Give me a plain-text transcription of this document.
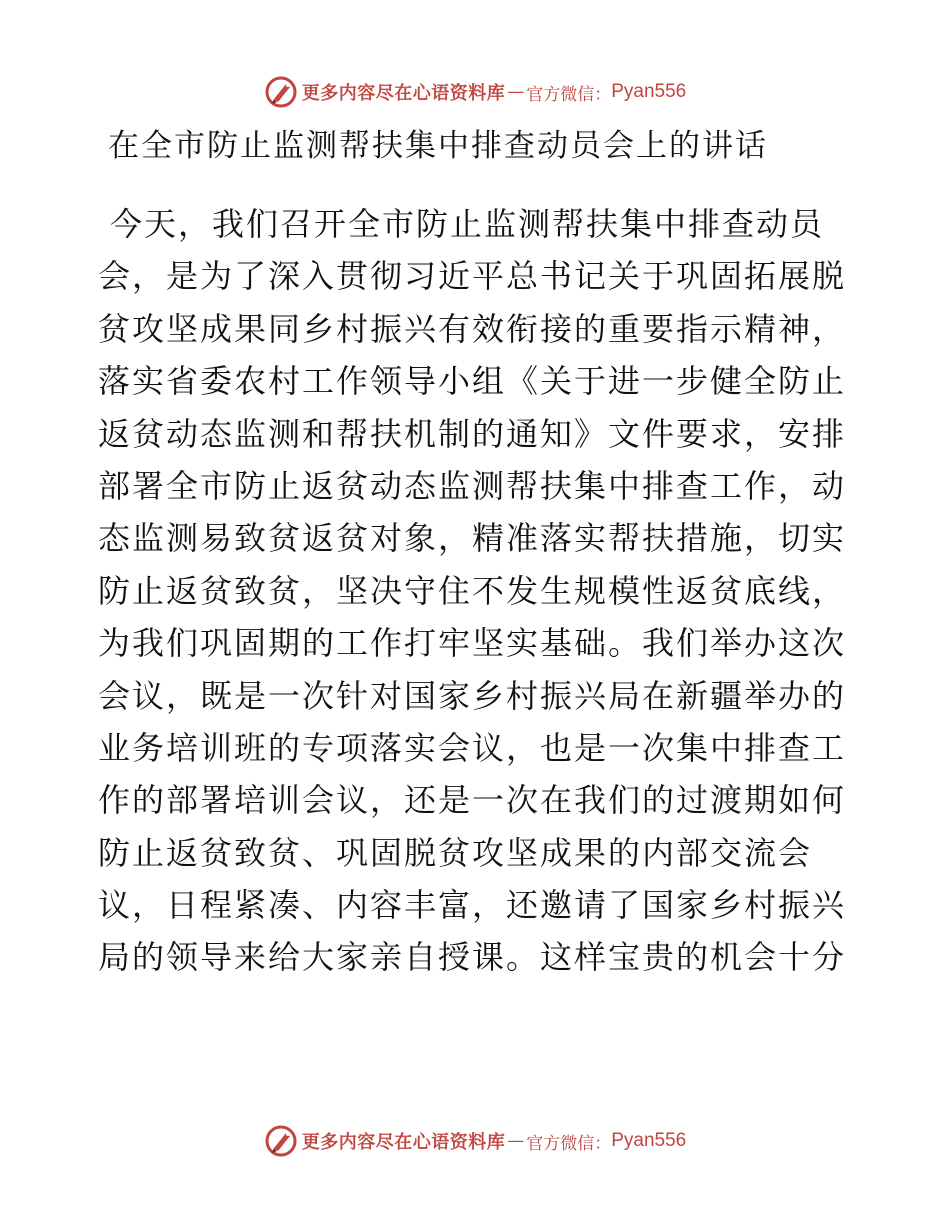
更多内容尽在心语资料库 — 官方微信： Pyan556
在全市防止监测帮扶集中排查动员会上的讲话
今天，我们召开全市防止监测帮扶集中排查动员
会，是为了深入贯彻习近平总书记关于巩固拓展脱
贫攻坚成果同乡村振兴有效衔接的重要指示精神，
落实省委农村工作领导小组《关于进一步健全防止
返贫动态监测和帮扶机制的通知》文件要求，安排
部署全市防止返贫动态监测帮扶集中排查工作，动
态监测易致贫返贫对象，精准落实帮扶措施，切实
防止返贫致贫，坚决守住不发生规模性返贫底线，
为我们巩固期的工作打牢坚实基础。我们举办这次
会议，既是一次针对国家乡村振兴局在新疆举办的
业务培训班的专项落实会议，也是一次集中排查工
作的部署培训会议，还是一次在我们的过渡期如何
防止返贫致贫、巩固脱贫攻坚成果的内部交流会
议，日程紧凑、内容丰富，还邀请了国家乡村振兴
局的领导来给大家亲自授课。这样宝贵的机会十分
更多内容尽在心语资料库 — 官方微信： Pyan556
